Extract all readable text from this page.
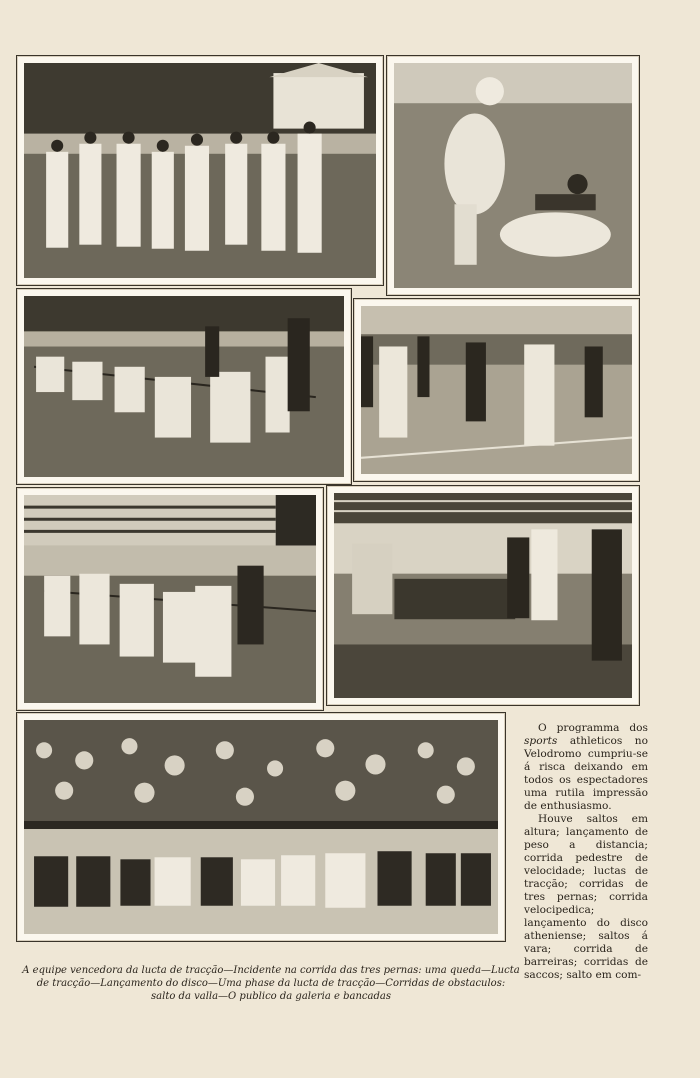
A equipe vencedora da lucta de tracção—Incidente na corrida das tres pernas: uma queda—Lucta
de tracção—Lançamento do disco—Uma phase da lucta de tracção—Corridas de obstaculos:
salto da valla—O publico da galeria e bancadas

O programma dos sports athleticos no Velodromo cumpriu-se á risca deixando em todos os espectadores uma rutila impressão de enthusiasmo.

Houve saltos em altura; lançamento de peso a distancia; corrida pedestre de velocidade; luctas de tracção; corridas de tres pernas; corrida velocipedica; lançamento do disco atheniense; saltos á vara; corrida de barreiras; corridas de saccos; salto em com-
